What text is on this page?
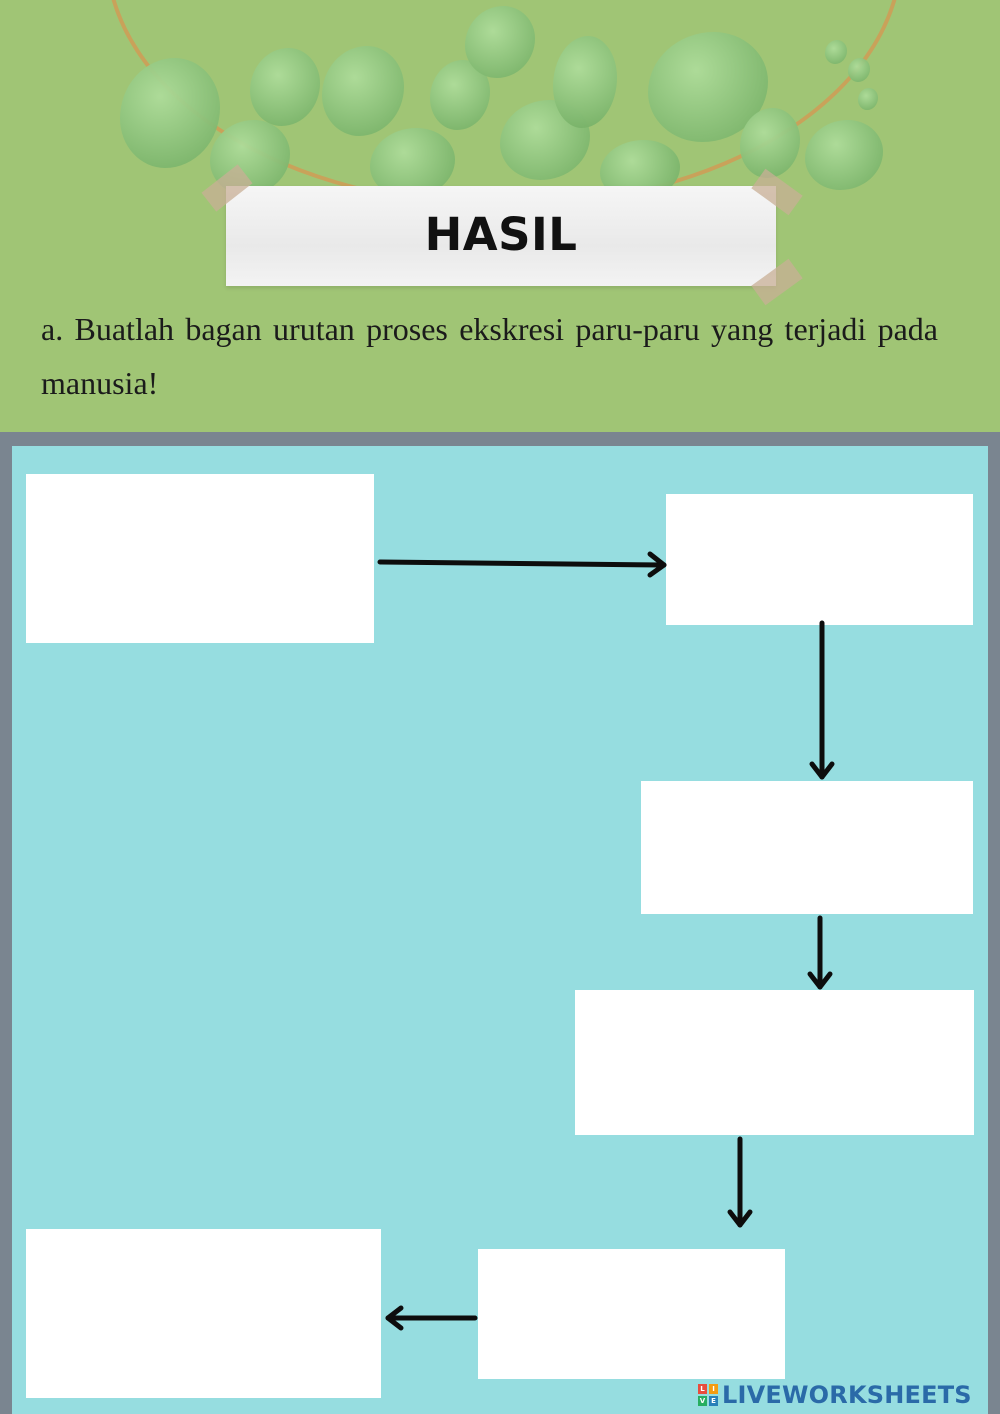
HASIL
a. Buatlah bagan urutan proses ekskresi paru-paru yang terjadi pada manusia!
L	I
V E LIVEWORKSHEETS
